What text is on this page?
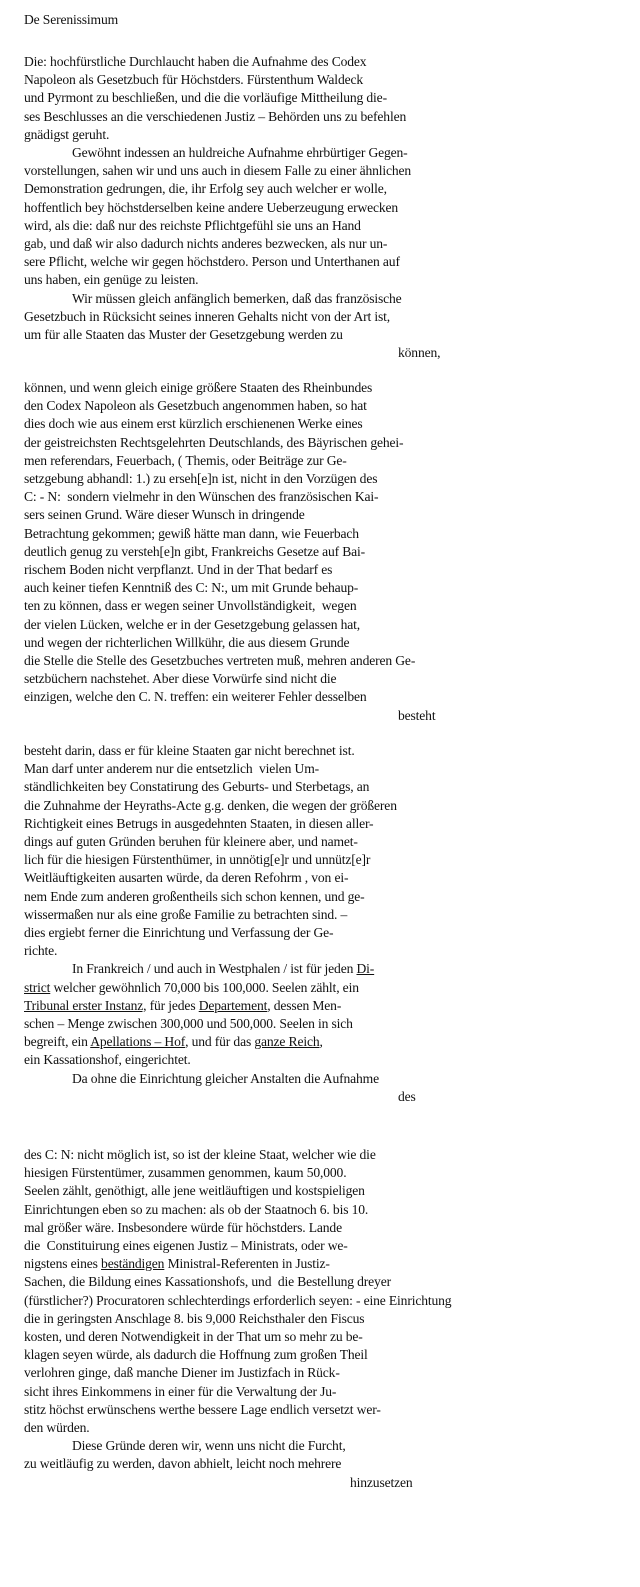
De Serenissimum
Die: hochfürstliche Durchlaucht haben die Aufnahme des Codex
Napoleon als Gesetzbuch für Höchstders. Fürstenthum Waldeck
und Pyrmont zu beschließen, und die die vorläufige Mittheilung die-
ses Beschlusses an die verschiedenen Justiz – Behörden uns zu befehlen
gnädigst geruht.
Gewöhnt indessen an huldreiche Aufnahme ehrbürtiger Gegen-
vorstellungen, sahen wir und uns auch in diesem Falle zu einer ähnlichen
Demonstration gedrungen, die, ihr Erfolg sey auch welcher er wolle,
hoffentlich bey höchstderselben keine andere Ueberzeugung erwecken
wird, als die: daß nur des reichste Pflichtgefühl sie uns an Hand
gab, und daß wir also dadurch nichts anderes bezwecken, als nur un-
sere Pflicht, welche wir gegen höchstdero. Person und Unterthanen auf
uns haben, ein genüge zu leisten.
Wir müssen gleich anfänglich bemerken, daß das französische
Gesetzbuch in Rücksicht seines inneren Gehalts nicht von der Art ist,
um für alle Staaten das Muster der Gesetzgebung werden zu
können,
können, und wenn gleich einige größere Staaten des Rheinbundes
den Codex Napoleon als Gesetzbuch angenommen haben, so hat
dies doch wie aus einem erst kürzlich erschienenen Werke eines
der geistreichsten Rechtsgelehrten Deutschlands, des Bäyrischen gehei-
men referendars, Feuerbach, ( Themis, oder Beiträge zur Ge-
setzgebung abhandl: 1.) zu erseh[e]n ist, nicht in den Vorzügen des
C: - N:  sondern vielmehr in den Wünschen des französischen Kai-
sers seinen Grund. Wäre dieser Wunsch in dringende
Betrachtung gekommen; gewiß hätte man dann, wie Feuerbach
deutlich genug zu versteh[e]n gibt, Frankreichs Gesetze auf Bai-
rischem Boden nicht verpflanzt. Und in der That bedarf es
auch keiner tiefen Kenntniß des C: N:, um mit Grunde behaup-
ten zu können, dass er wegen seiner Unvollständigkeit,  wegen
der vielen Lücken, welche er in der Gesetzgebung gelassen hat,
und wegen der richterlichen Willkühr, die aus diesem Grunde
die Stelle die Stelle des Gesetzbuches vertreten muß, mehren anderen Ge-
setzbüchern nachstehet. Aber diese Vorwürfe sind nicht die
einzigen, welche den C. N. treffen: ein weiterer Fehler desselben
besteht
besteht darin, dass er für kleine Staaten gar nicht berechnet ist.
Man darf unter anderem nur die entsetzlich  vielen Um-
ständlichkeiten bey Constatirung des Geburts- und Sterbetags, an
die Zuhnahme der Heyraths-Acte g.g. denken, die wegen der größeren
Richtigkeit eines Betrugs in ausgedehnten Staaten, in diesen aller-
dings auf guten Gründen beruhen für kleinere aber, und namet-
lich für die hiesigen Fürstenthümer, in unnötig[e]r und unnütz[e]r
Weitläuftigkeiten ausarten würde, da deren Refohrm , von ei-
nem Ende zum anderen großentheils sich schon kennen, und ge-
wissermaßen nur als eine große Familie zu betrachten sind. –
dies ergiebt ferner die Einrichtung und Verfassung der Ge-
richte.
In Frankreich / und auch in Westphalen / ist für jeden Di-
strict welcher gewöhnlich 70,000 bis 100,000. Seelen zählt, ein
Tribunal erster Instanz, für jedes Departement, dessen Men-
schen – Menge zwischen 300,000 und 500,000. Seelen in sich
begreift, ein Apellations – Hof, und für das ganze Reich,
ein Kassationshof, eingerichtet.
Da ohne die Einrichtung gleicher Anstalten die Aufnahme
des
des C: N: nicht möglich ist, so ist der kleine Staat, welcher wie die
hiesigen Fürstentümer, zusammen genommen, kaum 50,000.
Seelen zählt, genöthigt, alle jene weitläuftigen und kostspieligen
Einrichtungen eben so zu machen: als ob der Staatnoch 6. bis 10.
mal größer wäre. Insbesondere würde für höchstders. Lande
die  Constituirung eines eigenen Justiz – Ministrats, oder we-
nigstens eines beständigen Ministral-Referenten in Justiz-
Sachen, die Bildung eines Kassationshofs, und  die Bestellung dreyer
(fürstlicher?) Procuratoren schlechterdings erforderlich seyen: - eine Einrichtung
die in geringsten Anschlage 8. bis 9,000 Reichsthaler den Fiscus
kosten, und deren Notwendigkeit in der That um so mehr zu be-
klagen seyen würde, als dadurch die Hoffnung zum großen Theil
verlohren ginge, daß manche Diener im Justizfach in Rück-
sicht ihres Einkommens in einer für die Verwaltung der Ju-
stitz höchst erwünschens werthe bessere Lage endlich versetzt wer-
den würden.
Diese Gründe deren wir, wenn uns nicht die Furcht,
zu weitläufig zu werden, davon abhielt, leicht noch mehrere
hinzusetzen
